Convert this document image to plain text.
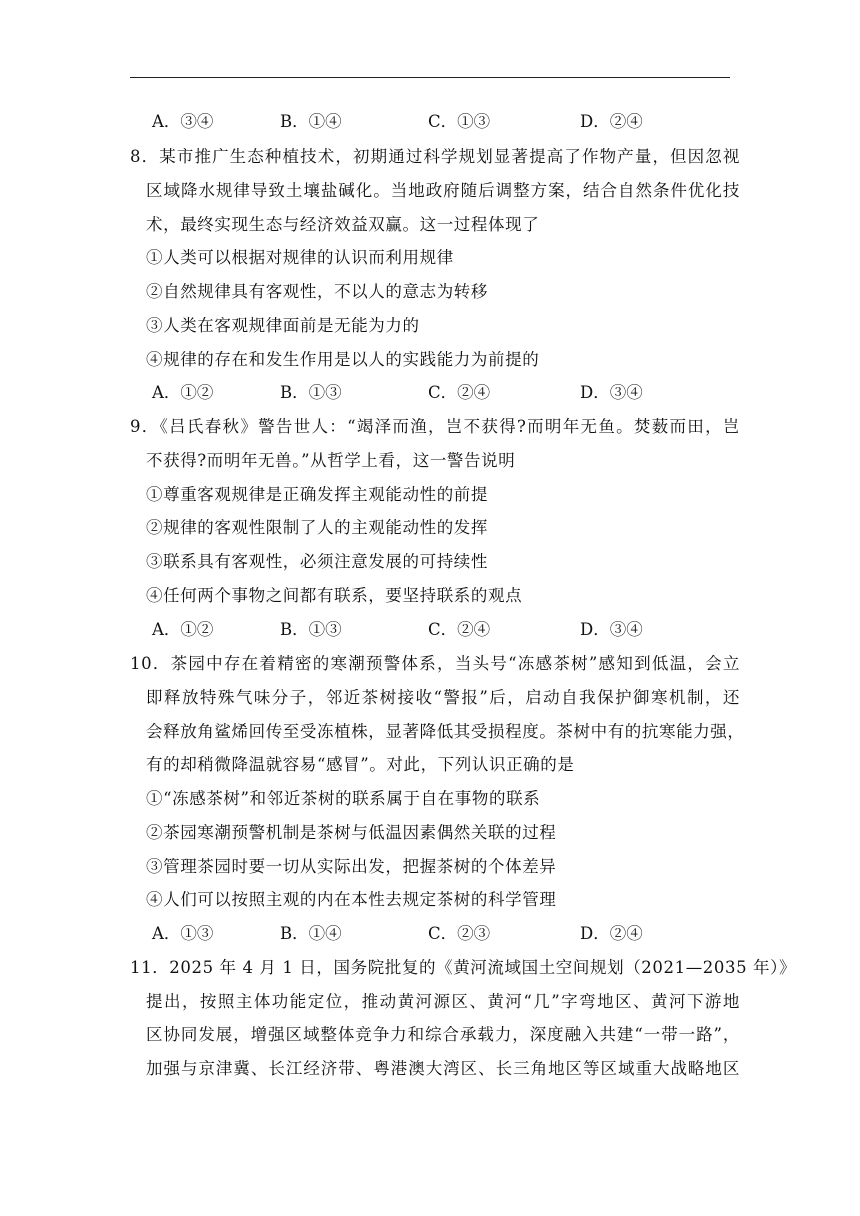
A．③④	B．①④	C．①③	D．②④
8．某市推广生态种植技术，初期通过科学规划显著提高了作物产量，但因忽视
区域降水规律导致土壤盐碱化。当地政府随后调整方案，结合自然条件优化技
术，最终实现生态与经济效益双赢。这一过程体现了
①人类可以根据对规律的认识而利用规律
②自然规律具有客观性，不以人的意志为转移
③人类在客观规律面前是无能为力的
④规律的存在和发生作用是以人的实践能力为前提的
A．①②	B．①③	C．②④	D．③④
9．《吕氏春秋》警告世人：“竭泽而渔，岂不获得?而明年无鱼。焚薮而田，岂
不获得?而明年无兽。”从哲学上看，这一警告说明
①尊重客观规律是正确发挥主观能动性的前提
②规律的客观性限制了人的主观能动性的发挥
③联系具有客观性，必须注意发展的可持续性
④任何两个事物之间都有联系，要坚持联系的观点
A．①②	B．①③	C．②④	D．③④
10．茶园中存在着精密的寒潮预警体系，当头号“冻感茶树”感知到低温，会立
即释放特殊气味分子，邻近茶树接收“警报”后，启动自我保护御寒机制，还
会释放角鲨烯回传至受冻植株，显著降低其受损程度。茶树中有的抗寒能力强，
有的却稍微降温就容易“感冒”。对此，下列认识正确的是
①“冻感茶树”和邻近茶树的联系属于自在事物的联系
②茶园寒潮预警机制是茶树与低温因素偶然关联的过程
③管理茶园时要一切从实际出发，把握茶树的个体差异
④人们可以按照主观的内在本性去规定茶树的科学管理
A．①③	B．①④	C．②③	D．②④
11．2025 年 4 月 1 日，国务院批复的《黄河流域国土空间规划（2021—2035 年）》
提出，按照主体功能定位，推动黄河源区、黄河“几”字弯地区、黄河下游地
区协同发展，增强区域整体竞争力和综合承载力，深度融入共建“一带一路”，
加强与京津冀、长江经济带、粤港澳大湾区、长三角地区等区域重大战略地区
